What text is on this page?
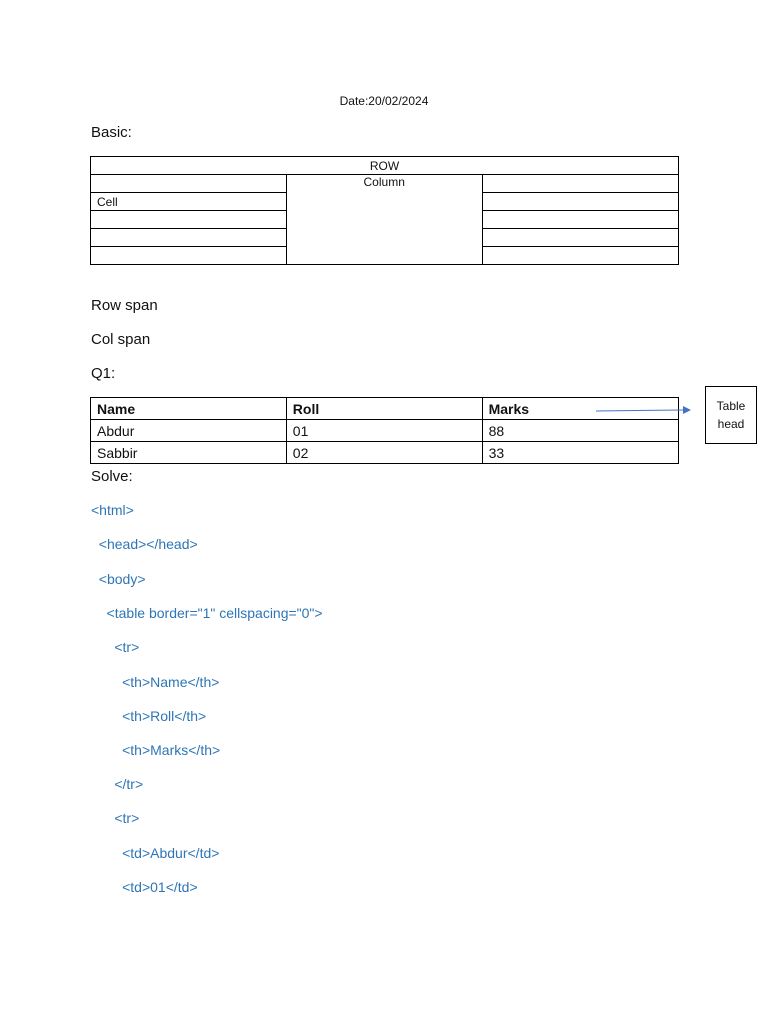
Date:20/02/2024
Basic:
ROW		
	Column	
Cell		

Row span
Col span
Q1:
Name	Roll	Marks
Abdur	01	88
Sabbir	02	33
Table head
Solve:
<html>
<head></head>
<body>
<table border="1" cellspacing="0">
<tr>
<th>Name</th>
<th>Roll</th>
<th>Marks</th>
</tr>
<tr>
<td>Abdur</td>
<td>01</td>
